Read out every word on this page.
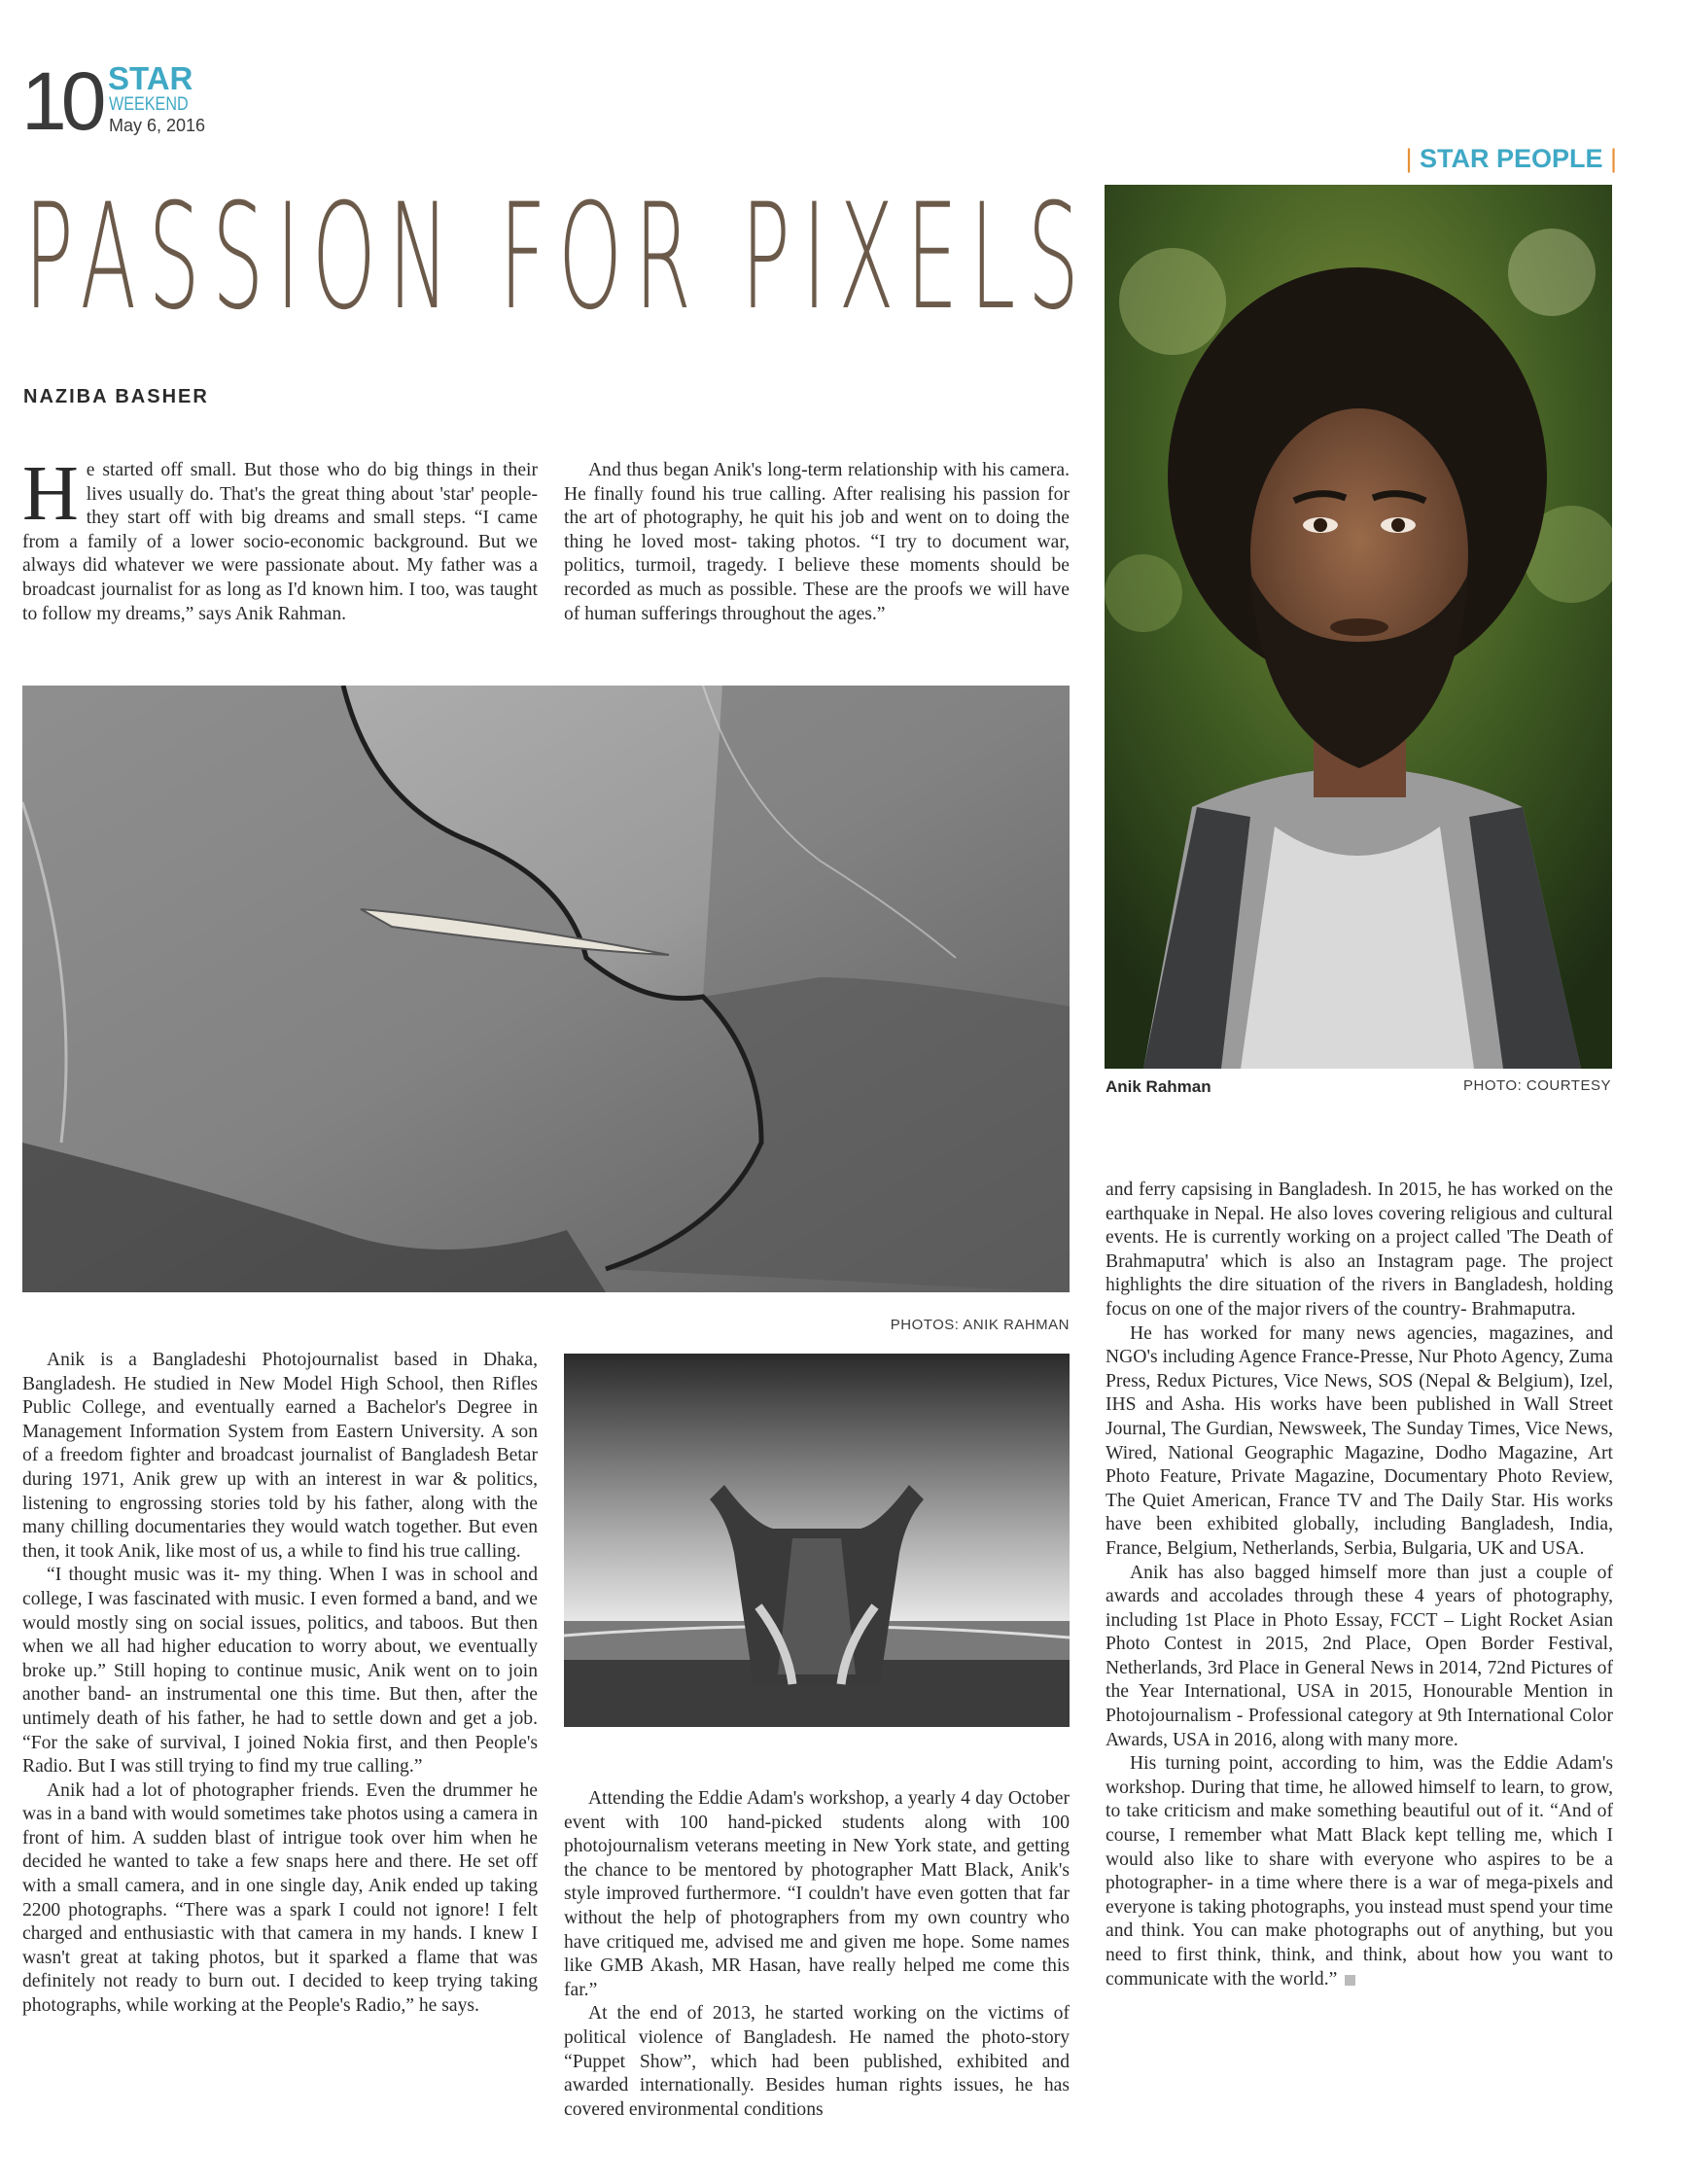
10 STAR
WEEKEND
May 6, 2016
| STAR PEOPLE |
PASSION FOR PIXELS
NAZIBA BASHER

He started off small. But those who do big things in their lives usually do. That's the great thing about 'star' people- they start off with big dreams and small steps. “I came from a family of a lower socio-economic background. But we always did whatever we were passionate about. My father was a broadcast journalist for as long as I'd known him. I too, was taught to follow my dreams,” says Anik Rahman.

And thus began Anik's long-term relationship with his camera. He finally found his true calling. After realising his passion for the art of photography, he quit his job and went on to doing the thing he loved most- taking photos. “I try to document war, politics, turmoil, tragedy. I believe these moments should be recorded as much as possible. These are the proofs we will have of human sufferings throughout the ages.”

Anik Rahman	PHOTO: COURTESY
PHOTOS: ANIK RAHMAN

Anik is a Bangladeshi Photojournalist based in Dhaka, Bangladesh. He studied in New Model High School, then Rifles Public College, and eventually earned a Bachelor's Degree in Management Information System from Eastern University. A son of a freedom fighter and broadcast journalist of Bangladesh Betar during 1971, Anik grew up with an interest in war & politics, listening to engrossing stories told by his father, along with the many chilling documentaries they would watch together. But even then, it took Anik, like most of us, a while to find his true calling.

“I thought music was it- my thing. When I was in school and college, I was fascinated with music. I even formed a band, and we would mostly sing on social issues, politics, and taboos. But then when we all had higher education to worry about, we eventually broke up.” Still hoping to continue music, Anik went on to join another band- an instrumental one this time. But then, after the untimely death of his father, he had to settle down and get a job. “For the sake of survival, I joined Nokia first, and then People's Radio. But I was still trying to find my true calling.”

Anik had a lot of photographer friends. Even the drummer he was in a band with would sometimes take photos using a camera in front of him. A sudden blast of intrigue took over him when he decided he wanted to take a few snaps here and there. He set off with a small camera, and in one single day, Anik ended up taking 2200 photographs. “There was a spark I could not ignore! I felt charged and enthusiastic with that camera in my hands. I knew I wasn't great at taking photos, but it sparked a flame that was definitely not ready to burn out. I decided to keep trying taking photographs, while working at the People's Radio,” he says.

Attending the Eddie Adam's workshop, a yearly 4 day October event with 100 hand-picked students along with 100 photojournalism veterans meeting in New York state, and getting the chance to be mentored by photographer Matt Black, Anik's style improved furthermore. “I couldn't have even gotten that far without the help of photographers from my own country who have critiqued me, advised me and given me hope. Some names like GMB Akash, MR Hasan, have really helped me come this far.”

At the end of 2013, he started working on the victims of political violence of Bangladesh. He named the photo-story “Puppet Show”, which had been published, exhibited and awarded internationally. Besides human rights issues, he has covered environmental conditions

and ferry capsising in Bangladesh. In 2015, he has worked on the earthquake in Nepal. He also loves covering religious and cultural events. He is currently working on a project called 'The Death of Brahmaputra' which is also an Instagram page. The project highlights the dire situation of the rivers in Bangladesh, holding focus on one of the major rivers of the country- Brahmaputra.

He has worked for many news agencies, magazines, and NGO's including Agence France-Presse, Nur Photo Agency, Zuma Press, Redux Pictures, Vice News, SOS (Nepal & Belgium), Izel, IHS and Asha. His works have been published in Wall Street Journal, The Gurdian, Newsweek, The Sunday Times, Vice News, Wired, National Geographic Magazine, Dodho Magazine, Art Photo Feature, Private Magazine, Documentary Photo Review, The Quiet American, France TV and The Daily Star. His works have been exhibited globally, including Bangladesh, India, France, Belgium, Netherlands, Serbia, Bulgaria, UK and USA.

Anik has also bagged himself more than just a couple of awards and accolades through these 4 years of photography, including 1st Place in Photo Essay, FCCT – Light Rocket Asian Photo Contest in 2015, 2nd Place, Open Border Festival, Netherlands, 3rd Place in General News in 2014, 72nd Pictures of the Year International, USA in 2015, Honourable Mention in Photojournalism - Professional category at 9th International Color Awards, USA in 2016, along with many more.

His turning point, according to him, was the Eddie Adam's workshop. During that time, he allowed himself to learn, to grow, to take criticism and make something beautiful out of it. “And of course, I remember what Matt Black kept telling me, which I would also like to share with everyone who aspires to be a photographer- in a time where there is a war of mega-pixels and everyone is taking photographs, you instead must spend your time and think. You can make photographs out of anything, but you need to first think, think, and think, about how you want to communicate with the world.”
